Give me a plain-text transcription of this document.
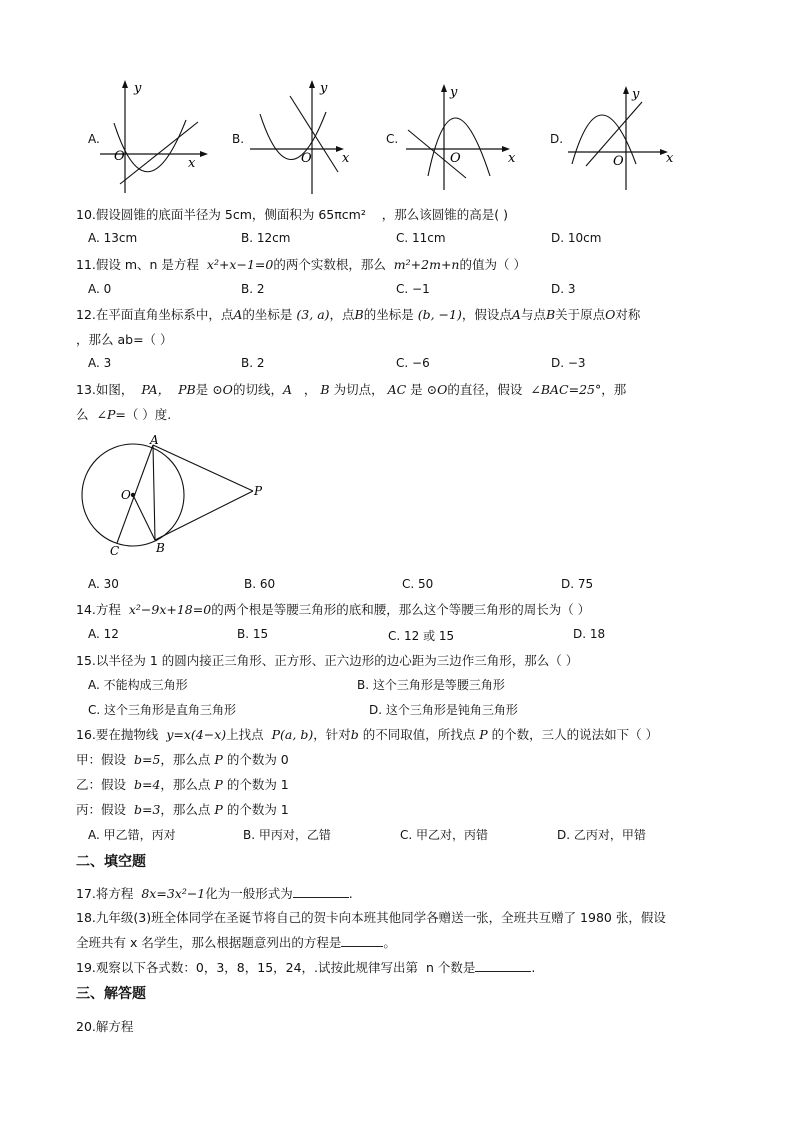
A.
y
O	x
B.
y
O x
C.
y
O	x
D.
y
O	x
10.假设圆锥的底面半径为 5cm，侧面积为 65πcm² ，那么该圆锥的高是( )
A. 13cm	B. 12cm	C. 11cm	D. 10cm
11.假设 m、n 是方程 x²+x−1=0的两个实数根，那么 m²+2m+n的值为（ ）
A. 0	B. 2	C. −1	D. 3
12.在平面直角坐标系中，点A的坐标是 (3, a)，点B的坐标是 (b, −1)，假设点A与点B关于原点O对称
，那么 ab=（ ）
A. 3	B. 2	C. −6	D. −3
13.如图， PA， PB是 ⊙O的切线，A   ， B 为切点， AC 是 ⊙O的直径，假设 ∠BAC=25°，那
么 ∠P=（ ）度.
A
O	P
C	B
A. 30	B. 60	C. 50	D. 75
14.方程 x²−9x+18=0的两个根是等腰三角形的底和腰，那么这个等腰三角形的周长为（ ）
A. 12	B. 15	C. 12 或 15	D. 18
15.以半径为 1 的圆内接正三角形、正方形、正六边形的边心距为三边作三角形，那么（ ）
A. 不能构成三角形	B. 这个三角形是等腰三角形
C. 这个三角形是直角三角形	D. 这个三角形是钝角三角形
16.要在抛物线 y=x(4−x)上找点 P(a, b)，针对b 的不同取值，所找点 P 的个数，三人的说法如下（ ）
甲：假设 b=5，那么点 P 的个数为 0
乙：假设 b=4，那么点 P 的个数为 1
丙：假设 b=3，那么点 P 的个数为 1
A. 甲乙错，丙对	B. 甲丙对，乙错	C. 甲乙对，丙错	D. 乙丙对，甲错
二、填空题
17.将方程 8x=3x²−1化为一般形式为	.
18.九年级(3)班全体同学在圣诞节将自己的贺卡向本班其他同学各赠送一张，全班共互赠了 1980 张，假设
全班共有 x 名学生，那么根据题意列出的方程是	。
19.观察以下各式数：0，3，8，15，24，.试按此规律写出第 n 个数是	.
三、解答题
20.解方程
